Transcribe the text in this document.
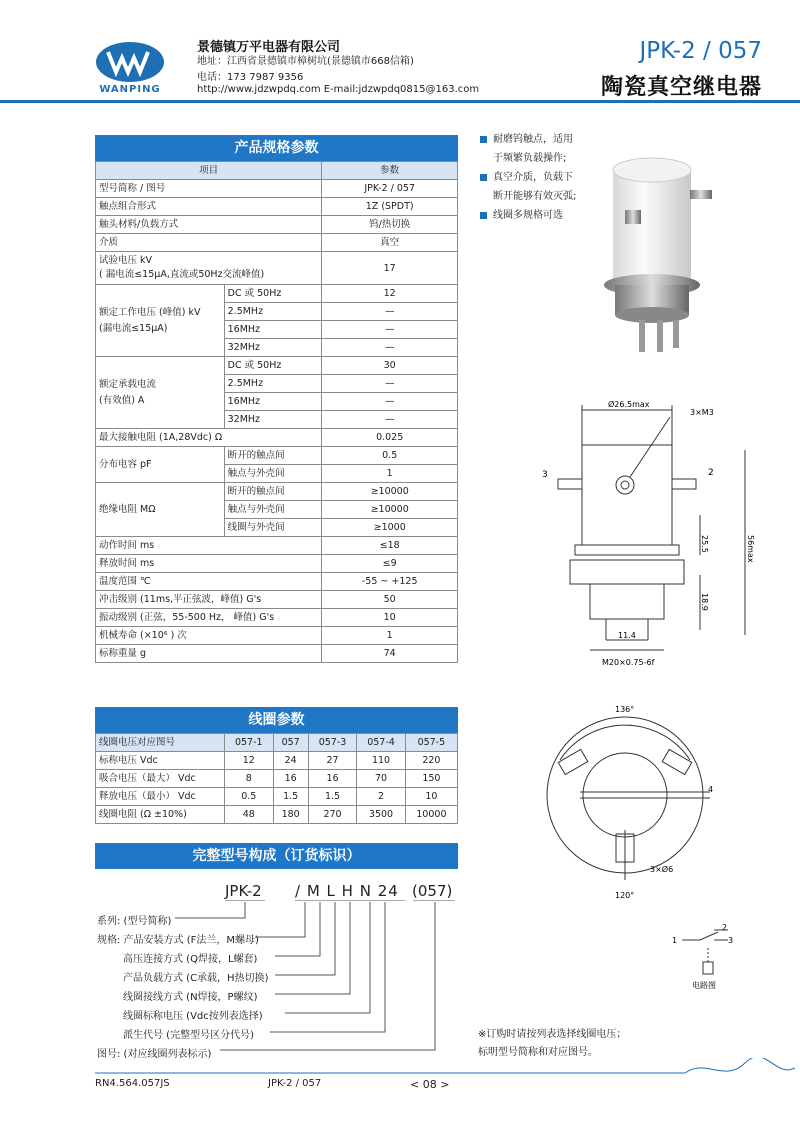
WANPING
景德镇万平电器有限公司
地址：江西省景德镇市樟树坑(景德镇市668信箱)
电话：173 7987 9356
http://www.jdzwpdq.com E-mail:jdzwpdq0815@163.com
JPK-2 / 057
陶瓷真空继电器
产品规格参数
项目		参数
型号简称 / 图号		JPK-2 / 057
触点组合形式		1Z (SPDT)
触头材料/负载方式		钨/热切换
介质		真空

试验电压 kV
( 漏电流≤15μA,直流或50Hz交流峰值)		17

额定工作电压 (峰值) kV
(漏电流≤15μA)	DC 或 50Hz	12
	2.5MHz	—
	16MHz	—
	32MHz	—

额定承载电流
(有效值) A	DC 或 50Hz	30
	2.5MHz	—
	16MHz	—
	32MHz	—
最大接触电阻 (1A,28Vdc) Ω		0.025
分布电容 pF	断开的触点间	0.5
	触点与外壳间	1
绝缘电阻 MΩ	断开的触点间	≥10000
	触点与外壳间	≥10000
	线圈与外壳间	≥1000
动作时间 ms		≤18
释放时间 ms		≤9
温度范围 ℃		-55 ~ +125
冲击级别 (11ms,半正弦波，峰值) G's		50
振动级别 (正弦，55-500 Hz， 峰值) G's		10
机械寿命 (×10⁶ ) 次		1
标称重量 g		74
线圈参数
线圈电压对应图号	057-1	057	057-3	057-4	057-5
标称电压 Vdc	12	24	27	110	220
吸合电压（最大） Vdc	8	16	16	70	150
释放电压（最小） Vdc	0.5	1.5	1.5	2	10
线圈电阻 (Ω ±10%)	48	180	270	3500	10000
完整型号构成（订货标识）
JPK-2 / M L H N 24 (057)
系列: (型号简称)
规格: 产品安装方式 (F法兰，M螺母)
高压连接方式 (Q焊接，L螺套)
产品负载方式 (C承载，H热切换)
线圈接线方式 (N焊接，P螺纹)
线圈标称电压 (Vdc按列表选择)
派生代号 (完整型号区分代号)
图号: (对应线圈列表标示)
※订购时请按列表选择线圈电压；
标明型号简称和对应图号。
耐磨钨触点，适用
于频繁负载操作;
真空介质，负载下
断开能够有效灭弧;
线圈多规格可选
Ø26.5max
3×M3
3	2
25.5	56max
18.9
11.4
M20×0.75-6f
136°
4
3×Ø6
120°
2
1	3
电路图
RN4.564.057JS	JPK-2 / 057	< 08 >
